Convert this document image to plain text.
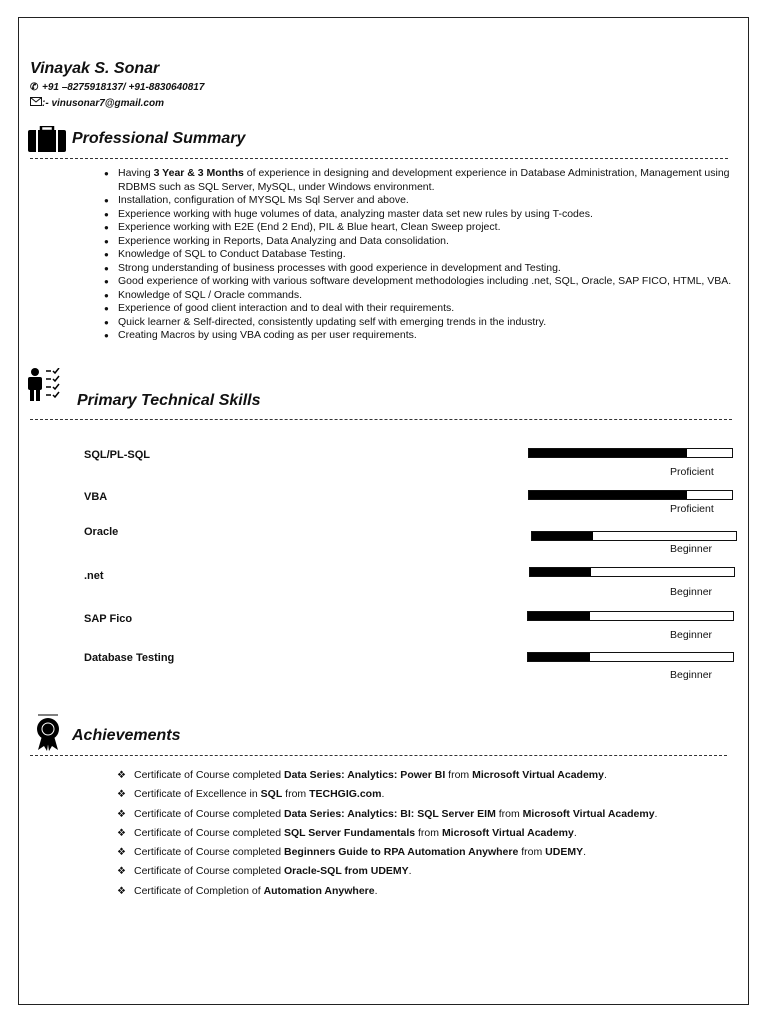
Vinayak S. Sonar
✆ +91 –8275918137/ +91-8830640817
:- vinusonar7@gmail.com
Professional Summary
● Having 3 Year & 3 Months of experience in designing and development experience in Database Administration, Management using RDBMS such as SQL Server, MySQL, under Windows environment.
● Installation, configuration of MYSQL Ms Sql Server and above.
● Experience working with huge volumes of data, analyzing master data set new rules by using T-codes.
● Experience working with E2E (End 2 End), PIL & Blue heart, Clean Sweep project.
● Experience working in Reports, Data Analyzing and Data consolidation.
● Knowledge of SQL to Conduct Database Testing.
● Strong understanding of business processes with good experience in development and Testing.
● Good experience of working with various software development methodologies including .net, SQL, Oracle, SAP FICO, HTML, VBA.
● Knowledge of SQL / Oracle commands.
● Experience of good client interaction and to deal with their requirements.
● Quick learner & Self-directed, consistently updating self with emerging trends in the industry.
● Creating Macros by using VBA coding as per user requirements.
Primary Technical Skills
SQL/PL-SQL
Proficient
VBA
Proficient
Oracle
Beginner
.net
Beginner
SAP Fico
Beginner
Database Testing
Beginner
Achievements
❖ Certificate of Course completed Data Series: Analytics: Power BI from Microsoft Virtual Academy.
❖ Certificate of Excellence in SQL from TECHGIG.com.
❖ Certificate of Course completed Data Series: Analytics: BI: SQL Server EIM from Microsoft Virtual Academy.
❖ Certificate of Course completed SQL Server Fundamentals from Microsoft Virtual Academy.
❖ Certificate of Course completed Beginners Guide to RPA Automation Anywhere from UDEMY.
❖ Certificate of Course completed Oracle-SQL from UDEMY.
❖ Certificate of Completion of Automation Anywhere.
